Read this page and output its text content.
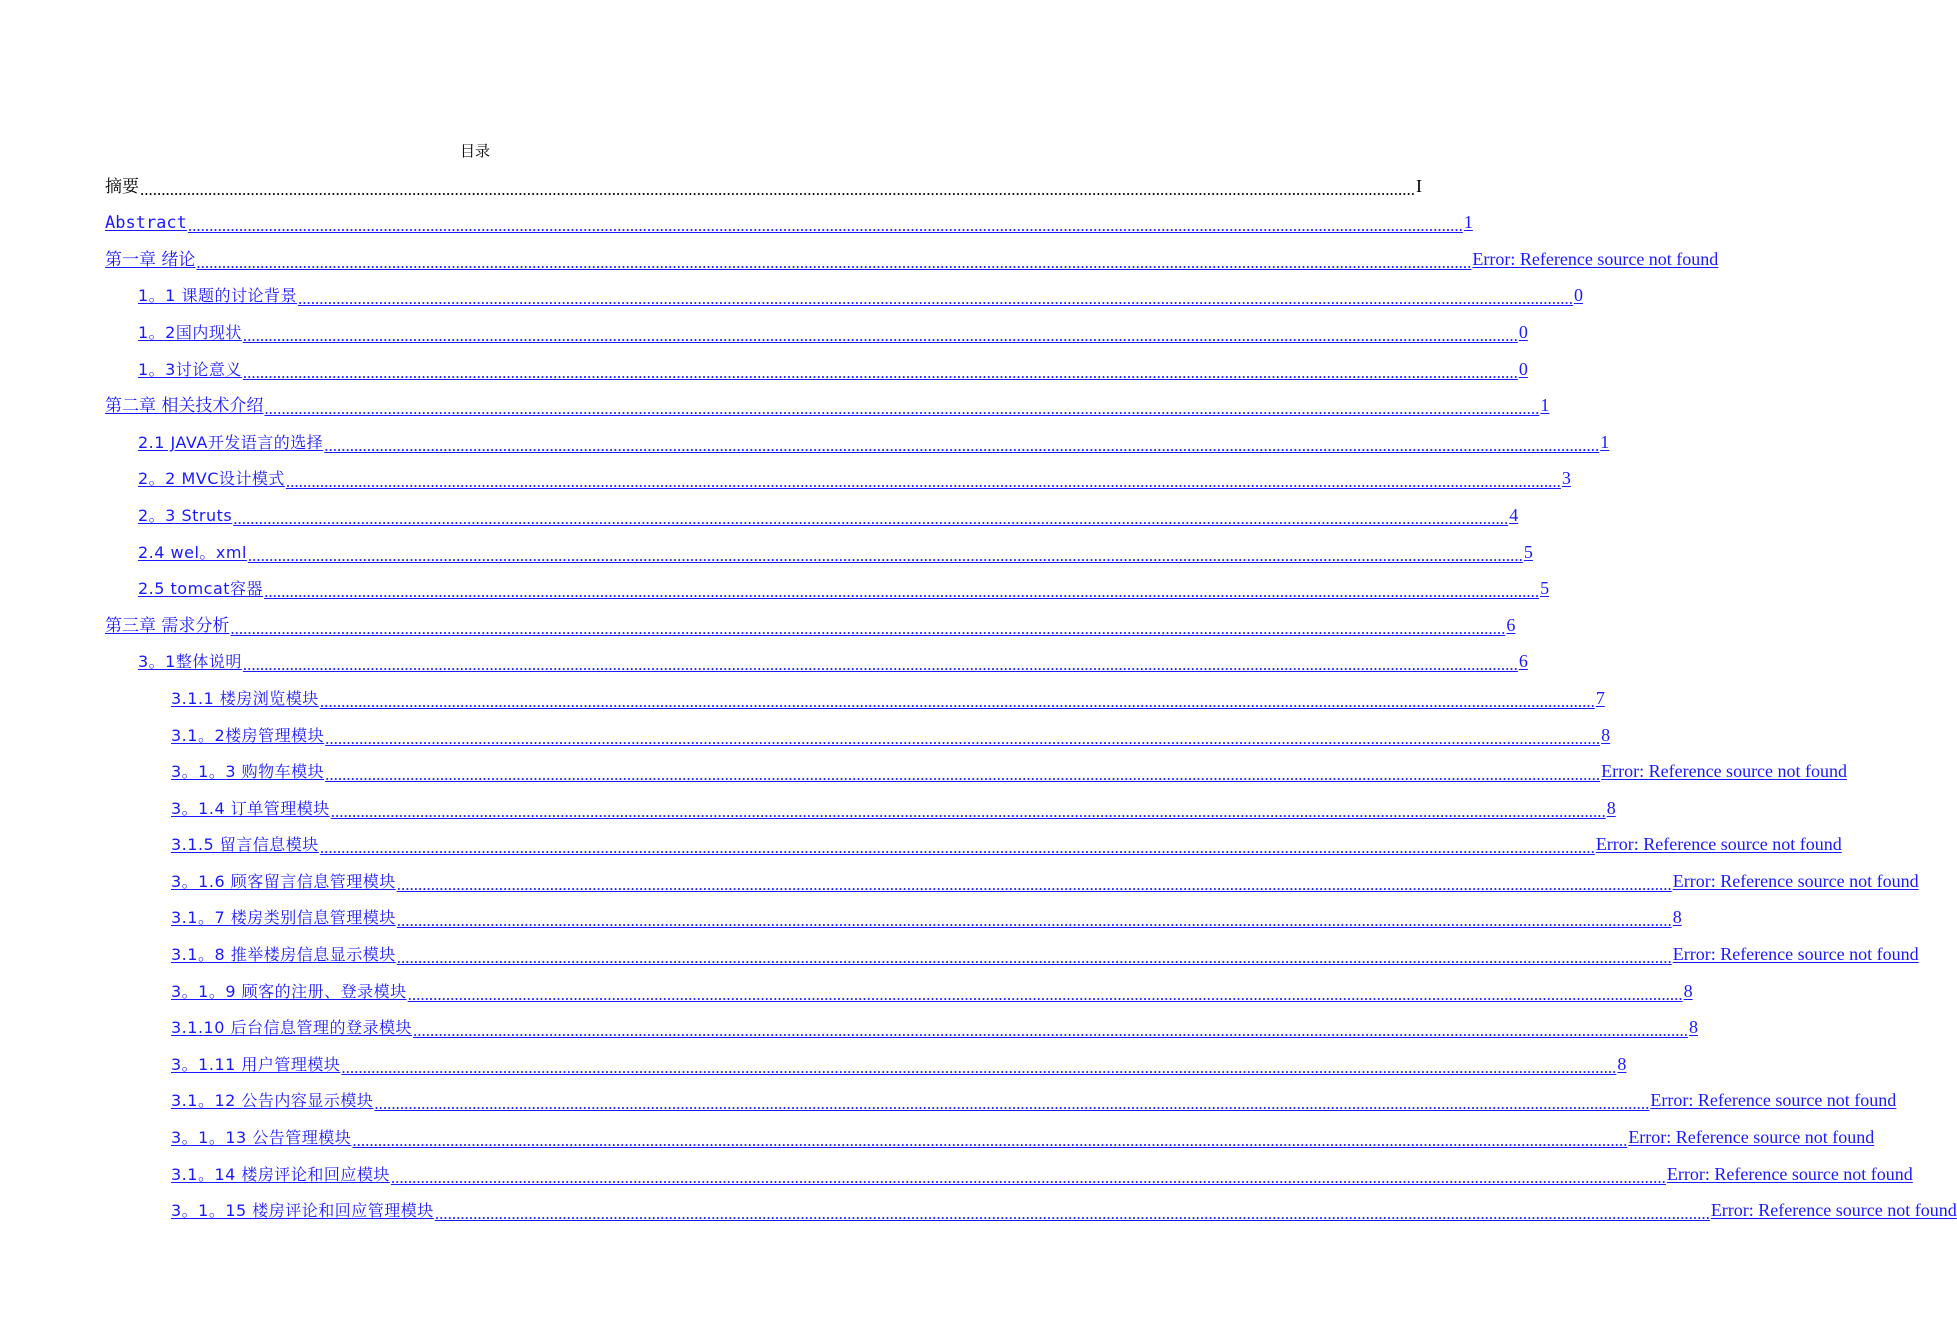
目录
摘要 ............................................................................................................................................................................................................................................................................................................ I
Abstract ............................................................................................................................................................................................................................................................................................................ 1
第一章 绪论 ............................................................................................................................................................................................................................................................................................................ Error: Reference source not found
1。1 课题的讨论背景 ............................................................................................................................................................................................................................................................................................................ 0
1。2国内现状 ............................................................................................................................................................................................................................................................................................................ 0
1。3讨论意义 ............................................................................................................................................................................................................................................................................................................ 0
第二章 相关技术介绍 ............................................................................................................................................................................................................................................................................................................ 1
2.1 JAVA开发语言的选择 ............................................................................................................................................................................................................................................................................................................ 1
2。2 MVC设计模式 ............................................................................................................................................................................................................................................................................................................ 3
2。3 Struts ............................................................................................................................................................................................................................................................................................................ 4
2.4 wel。xml ............................................................................................................................................................................................................................................................................................................ 5
2.5 tomcat容器 ............................................................................................................................................................................................................................................................................................................ 5
第三章 需求分析 ............................................................................................................................................................................................................................................................................................................ 6
3。1整体说明 ............................................................................................................................................................................................................................................................................................................ 6
3.1.1 楼房浏览模块 ............................................................................................................................................................................................................................................................................................................ 7
3.1。2楼房管理模块 ............................................................................................................................................................................................................................................................................................................ 8
3。1。3 购物车模块 ............................................................................................................................................................................................................................................................................................................ Error: Reference source not found
3。1.4 订单管理模块 ............................................................................................................................................................................................................................................................................................................ 8
3.1.5 留言信息模块 ............................................................................................................................................................................................................................................................................................................ Error: Reference source not found
3。1.6 顾客留言信息管理模块 ............................................................................................................................................................................................................................................................................................................ Error: Reference source not found
3.1。7 楼房类别信息管理模块 ............................................................................................................................................................................................................................................................................................................ 8
3.1。8 推举楼房信息显示模块 ............................................................................................................................................................................................................................................................................................................ Error: Reference source not found
3。1。9 顾客的注册、登录模块 ............................................................................................................................................................................................................................................................................................................ 8
3.1.10 后台信息管理的登录模块 ............................................................................................................................................................................................................................................................................................................ 8
3。1.11 用户管理模块 ............................................................................................................................................................................................................................................................................................................ 8
3.1。12 公告内容显示模块 ............................................................................................................................................................................................................................................................................................................ Error: Reference source not found
3。1。13 公告管理模块 ............................................................................................................................................................................................................................................................................................................ Error: Reference source not found
3.1。14 楼房评论和回应模块 ............................................................................................................................................................................................................................................................................................................ Error: Reference source not found
3。1。15 楼房评论和回应管理模块 ............................................................................................................................................................................................................................................................................................................ Error: Reference source not found
